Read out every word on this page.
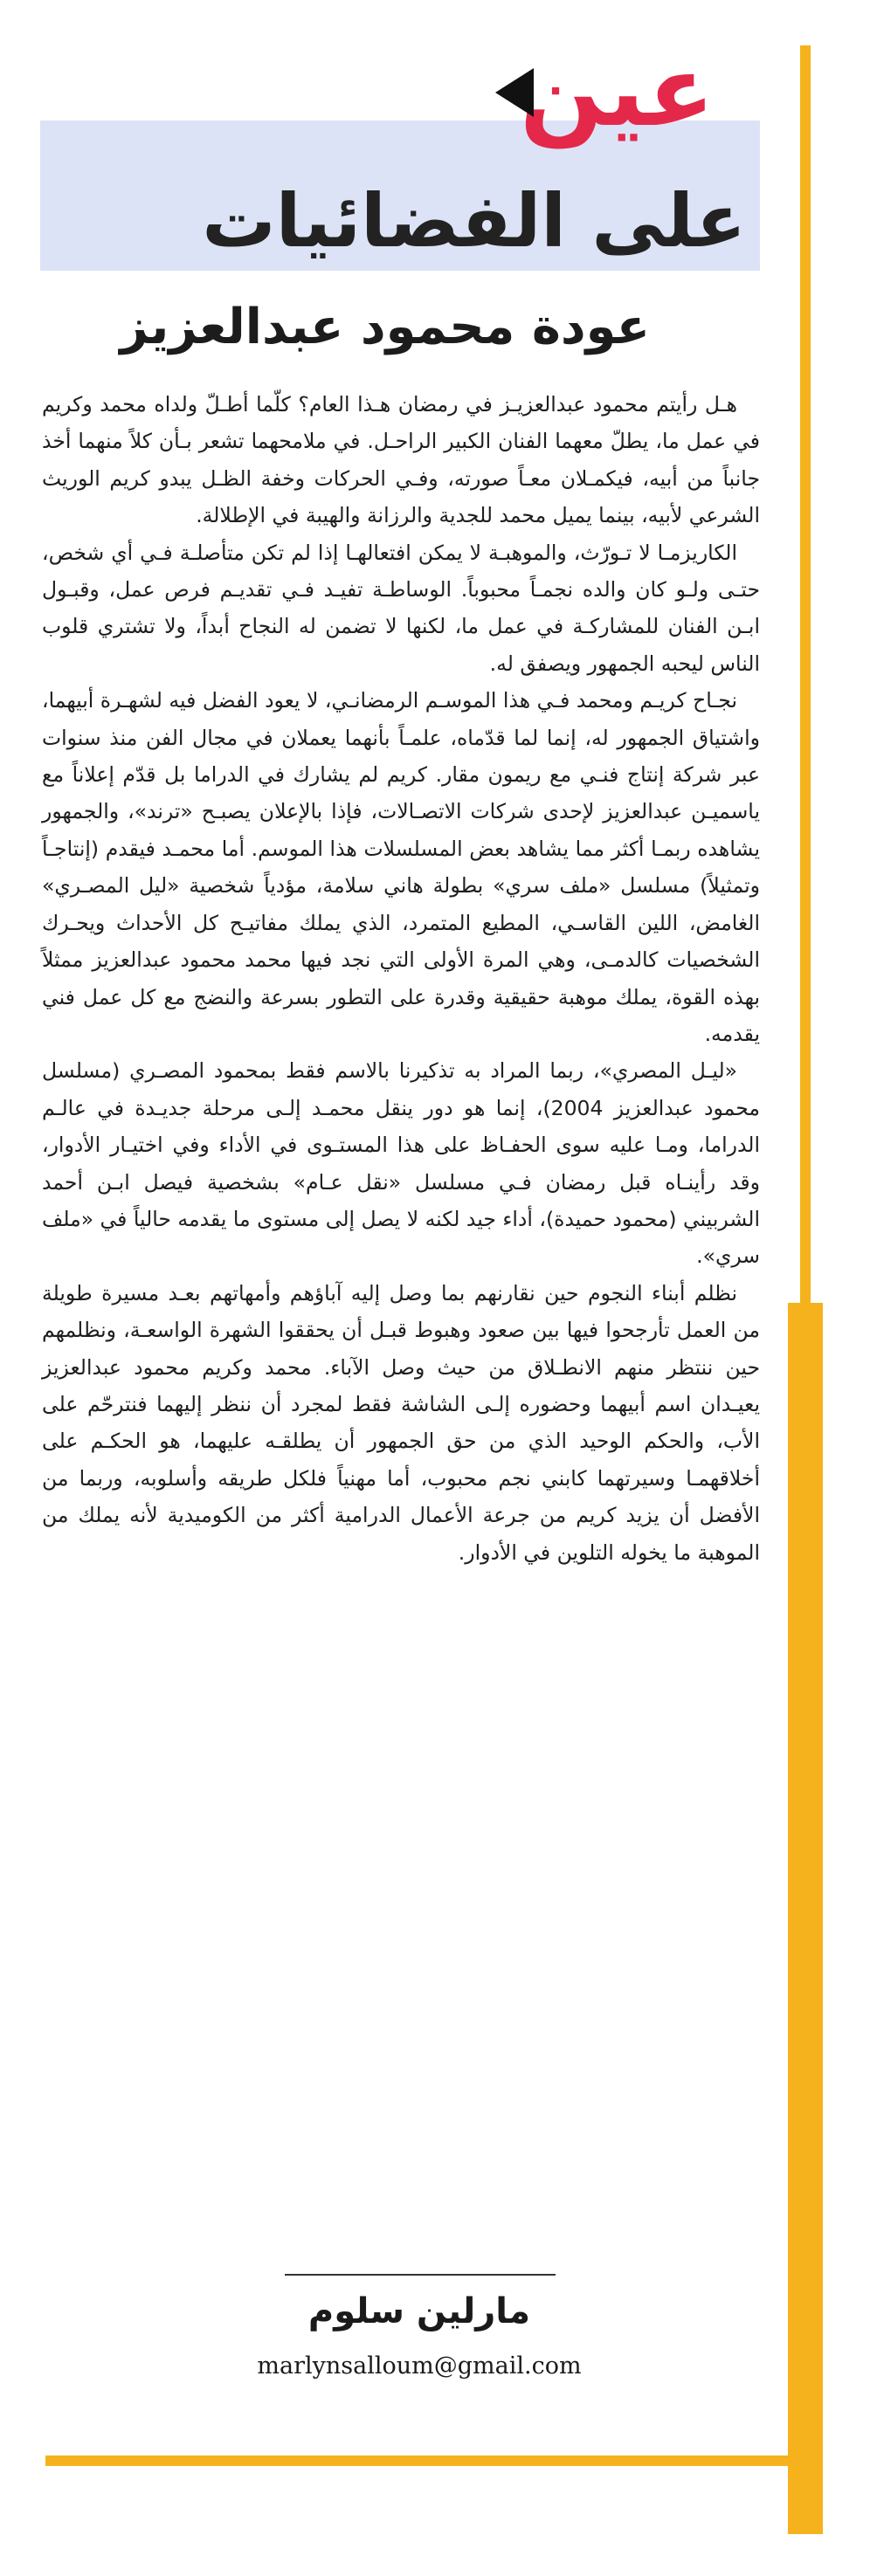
عين
على الفضائيات
عودة محمود عبدالعزيز

هـل رأيتم محمود عبدالعزيـز في رمضان هـذا العام؟ كلّما أطـلّ ولداه محمد وكريم في عمل ما، يطلّ معهما الفنان الكبير الراحـل. في ملامحهما تشعر بـأن كلاً منهما أخذ جانباً من أبيه، فيكمـلان معـاً صورته، وفـي الحركات وخفة الظـل يبدو كريم الوريث الشرعي لأبيه، بينما يميل محمد للجدية والرزانة والهيبة في الإطلالة.

الكاريزمـا لا تـورّث، والموهبـة لا يمكن افتعالهـا إذا لم تكن متأصلـة فـي أي شخص، حتـى ولـو كان والده نجمـاً محبوباً. الوساطـة تفيـد فـي تقديـم فرص عمل، وقبـول ابـن الفنان للمشاركـة في عمل ما، لكنها لا تضمن له النجاح أبداً، ولا تشتري قلوب الناس ليحبه الجمهور ويصفق له.

نجـاح كريـم ومحمد فـي هذا الموسـم الرمضانـي، لا يعود الفضل فيه لشهـرة أبيهما، واشتياق الجمهور له، إنما لما قدّماه، علمـاً بأنهما يعملان في مجال الفن منذ سنوات عبر شركة إنتاج فنـي مع ريمون مقار. كريم لم يشارك في الدراما بل قدّم إعلاناً مع ياسميـن عبدالعزيز لإحدى شركات الاتصـالات، فإذا بالإعلان يصبـح «ترند»، والجمهور يشاهده ربمـا أكثر مما يشاهد بعض المسلسلات هذا الموسم. أما محمـد فيقدم (إنتاجـاً وتمثيلاً) مسلسل «ملف سري» بطولة هاني سلامة، مؤدياً شخصية «ليل المصـري» الغامض، اللين القاسـي، المطيع المتمرد، الذي يملك مفاتيـح كل الأحداث ويحـرك الشخصيات كالدمـى، وهي المرة الأولى التي نجد فيها محمد محمود عبدالعزيز ممثلاً بهذه القوة، يملك موهبة حقيقية وقدرة على التطور بسرعة والنضج مع كل عمل فني يقدمه.

«ليـل المصري»، ربما المراد به تذكيرنا بالاسم فقط بمحمود المصـري (مسلسل محمود عبدالعزيز 2004)، إنما هو دور ينقل محمـد إلـى مرحلة جديـدة في عالـم الدراما، ومـا عليه سوى الحفـاظ على هذا المستـوى في الأداء وفي اختيـار الأدوار، وقد رأينـاه قبل رمضان فـي مسلسل «نقل عـام» بشخصية فيصل ابـن أحمد الشربيني (محمود حميدة)، أداء جيد لكنه لا يصل إلى مستوى ما يقدمه حالياً في «ملف سري».

نظلم أبناء النجوم حين نقارنهم بما وصل إليه آباؤهم وأمهاتهم بعـد مسيرة طويلة من العمل تأرجحوا فيها بين صعود وهبوط قبـل أن يحققوا الشهرة الواسعـة، ونظلمهم حين ننتظر منهم الانطـلاق من حيث وصل الآباء. محمد وكريم محمود عبدالعزيز يعيـدان اسم أبيهما وحضوره إلـى الشاشة فقط لمجرد أن ننظر إليهما فنترحّم على الأب، والحكم الوحيد الذي من حق الجمهور أن يطلقـه عليهما، هو الحكـم على أخلاقهمـا وسيرتهما كابني نجم محبوب، أما مهنياً فلكل طريقه وأسلوبه، وربما من الأفضل أن يزيد كريم من جرعة الأعمال الدرامية أكثر من الكوميدية لأنه يملك من الموهبة ما يخوله التلوين في الأدوار.

مارلين سلوم
marlynsalloum@gmail.com
